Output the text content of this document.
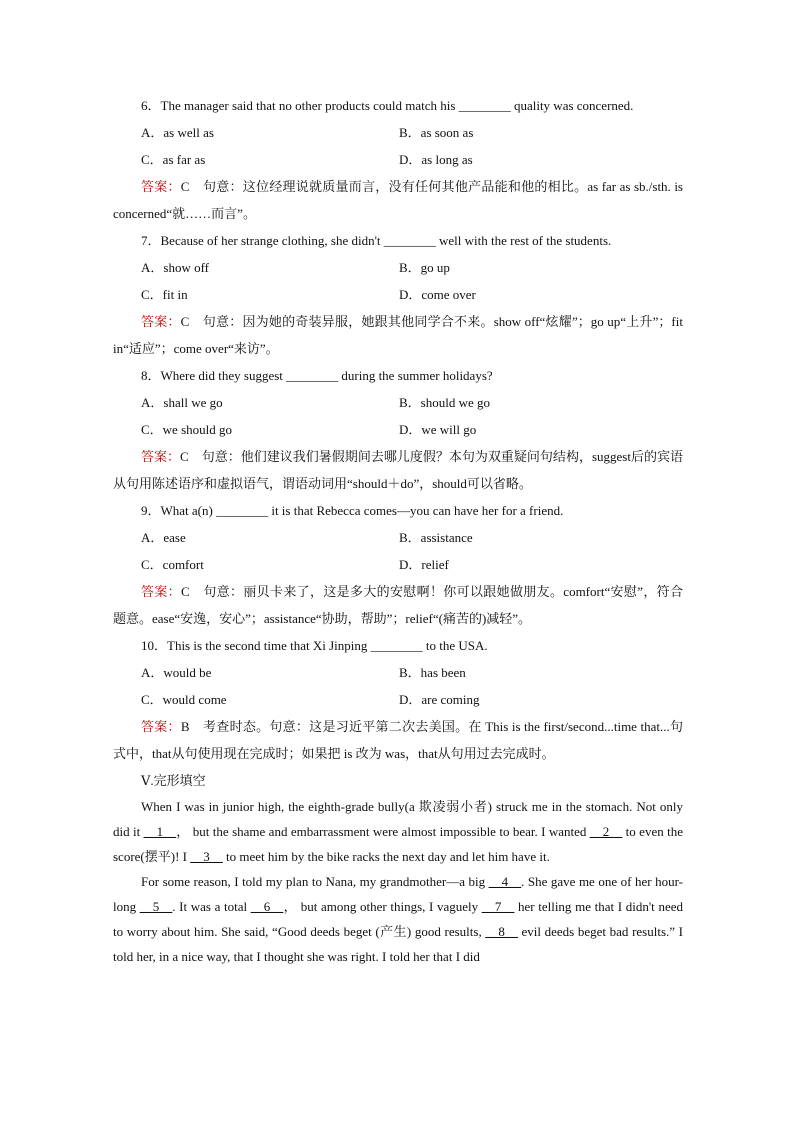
6．The manager said that no other products could match his ________ quality was concerned.
A．as well as	B．as soon as
C．as far as	D．as long as
答案：C　句意：这位经理说就质量而言，没有任何其他产品能和他的相比。as far as sb./sth. is concerned“就……而言”。
7．Because of her strange clothing, she didn't ________ well with the rest of the students.
A．show off	B．go up
C．fit in	D．come over
答案：C　句意：因为她的奇装异服，她跟其他同学合不来。show off“炫耀”；go up“上升”；fit in“适应”；come over“来访”。
8．Where did they suggest ________ during the summer holidays?
A．shall we go	B．should we go
C．we should go	D．we will go
答案：C　句意：他们建议我们暑假期间去哪儿度假？本句为双重疑问句结构，suggest后的宾语从句用陈述语序和虚拟语气，谓语动词用“should＋do”，should可以省略。
9．What a(n) ________ it is that Rebecca comes—you can have her for a friend.
A．ease	B．assistance
C．comfort	D．relief
答案：C　句意：丽贝卡来了，这是多大的安慰啊！你可以跟她做朋友。comfort“安慰”，符合题意。ease“安逸，安心”；assistance“协助，帮助”；relief“(痛苦的)减轻”。
10．This is the second time that Xi Jinping ________ to the USA.
A．would be	B．has been
C．would come	D．are coming
答案：B　考查时态。句意：这是习近平第二次去美国。在 This is the first/second...time that...句式中，that从句使用现在完成时；如果把 is 改为 was，that从句用过去完成时。
Ⅴ.完形填空
When I was in junior high, the eighth-grade bully(a 欺凌弱小者) struck me in the stomach. Not only did it __1__， but the shame and embarrassment were almost impossible to bear. I wanted __2__ to even the score(摆平)! I __3__ to meet him by the bike racks the next day and let him have it.
For some reason, I told my plan to Nana, my grandmother—a big __4__. She gave me one of her hour-long __5__. It was a total __6__， but among other things, I vaguely __7__ her telling me that I didn't need to worry about him. She said, “Good deeds beget (产生) good results, __8__ evil deeds beget bad results.” I told her, in a nice way, that I thought she was right. I told her that I did
